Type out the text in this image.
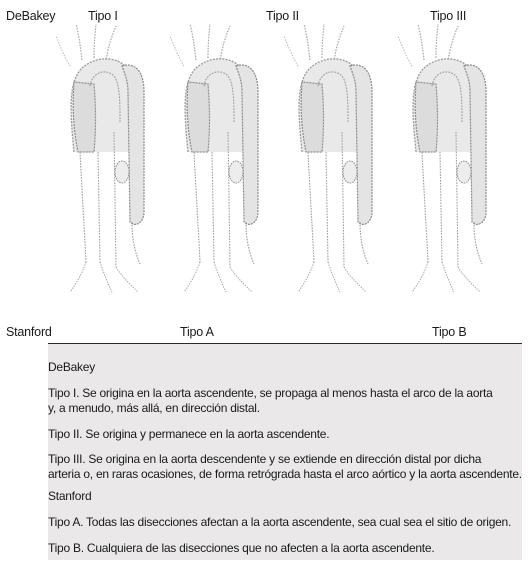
DeBakey	Tipo I	Tipo II	Tipo III
Stanford	Tipo A	Tipo B
DeBakey
Tipo I. Se origina en la aorta ascendente, se propaga al menos hasta el arco de la aorta
y, a menudo, más allá, en dirección distal.
Tipo II. Se origina y permanece en la aorta ascendente.
Tipo III. Se origina en la aorta descendente y se extiende en dirección distal por dicha
arteria o, en raras ocasiones, de forma retrógrada hasta el arco aórtico y la aorta ascendente.
Stanford
Tipo A. Todas las disecciones afectan a la aorta ascendente, sea cual sea el sitio de origen.
Tipo B. Cualquiera de las disecciones que no afecten a la aorta ascendente.
